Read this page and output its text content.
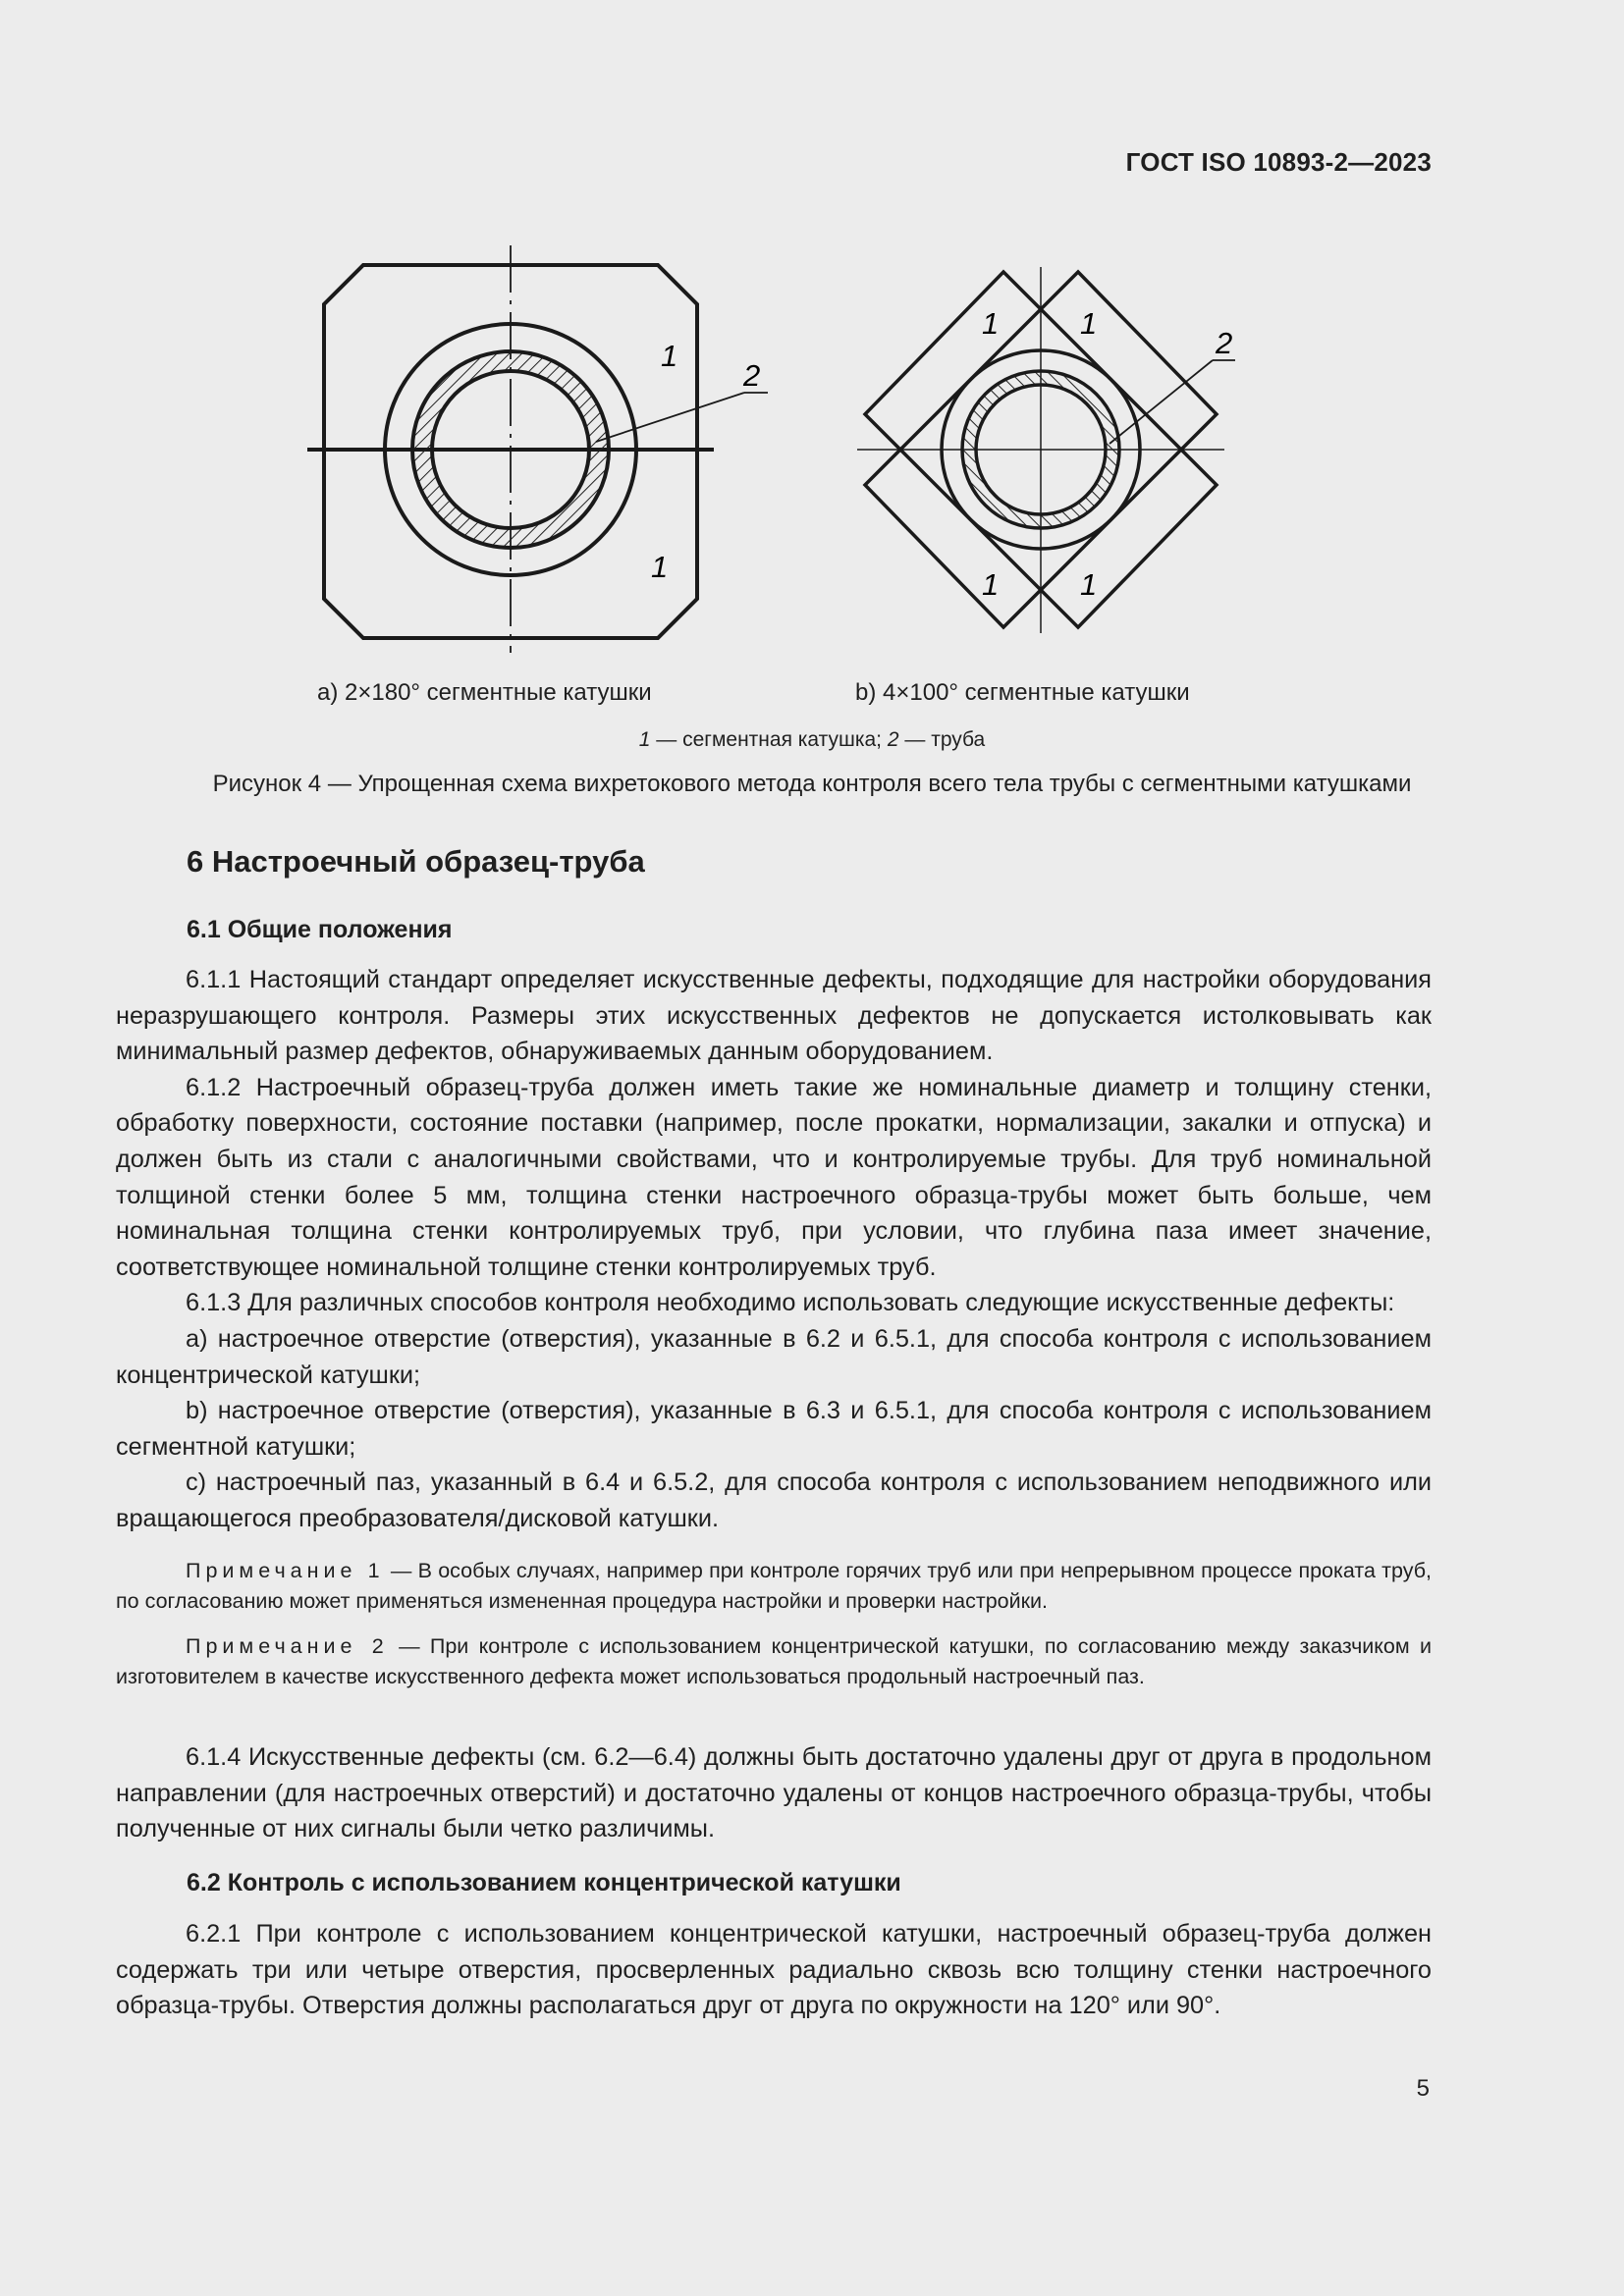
ГОСТ ISO 10893-2—2023
1
1
2
1	1
1	1
2
a) 2×180° сегментные катушки	b) 4×100° сегментные катушки
1 — сегментная катушка; 2 — труба
Рисунок 4 — Упрощенная схема вихретокового метода контроля всего тела трубы с сегментными катушками
6 Настроечный образец-труба
6.1 Общие положения

6.1.1 Настоящий стандарт определяет искусственные дефекты, подходящие для настройки оборудования неразрушающего контроля. Размеры этих искусственных дефектов не допускается истолковывать как минимальный размер дефектов, обнаруживаемых данным оборудованием.

6.1.2 Настроечный образец-труба должен иметь такие же номинальные диаметр и толщину стенки, обработку поверхности, состояние поставки (например, после прокатки, нормализации, закалки и отпуска) и должен быть из стали с аналогичными свойствами, что и контролируемые трубы. Для труб номинальной толщиной стенки более 5 мм, толщина стенки настроечного образца-трубы может быть больше, чем номинальная толщина стенки контролируемых труб, при условии, что глубина паза имеет значение, соответствующее номинальной толщине стенки контролируемых труб.

6.1.3 Для различных способов контроля необходимо использовать следующие искусственные дефекты:

a) настроечное отверстие (отверстия), указанные в 6.2 и 6.5.1, для способа контроля с использованием концентрической катушки;

b) настроечное отверстие (отверстия), указанные в 6.3 и 6.5.1, для способа контроля с использованием сегментной катушки;

c) настроечный паз, указанный в 6.4 и 6.5.2, для способа контроля с использованием неподвижного или вращающегося преобразователя/дисковой катушки.

Примечание 1 — В особых случаях, например при контроле горячих труб или при непрерывном процессе проката труб, по согласованию может применяться измененная процедура настройки и проверки настройки.

Примечание 2 — При контроле с использованием концентрической катушки, по согласованию между заказчиком и изготовителем в качестве искусственного дефекта может использоваться продольный настроечный паз.

6.1.4 Искусственные дефекты (см. 6.2—6.4) должны быть достаточно удалены друг от друга в продольном направлении (для настроечных отверстий) и достаточно удалены от концов настроечного образца-трубы, чтобы полученные от них сигналы были четко различимы.

6.2 Контроль с использованием концентрической катушки

6.2.1 При контроле с использованием концентрической катушки, настроечный образец-труба должен содержать три или четыре отверстия, просверленных радиально сквозь всю толщину стенки настроечного образца-трубы. Отверстия должны располагаться друг от друга по окружности на 120° или 90°.

5
